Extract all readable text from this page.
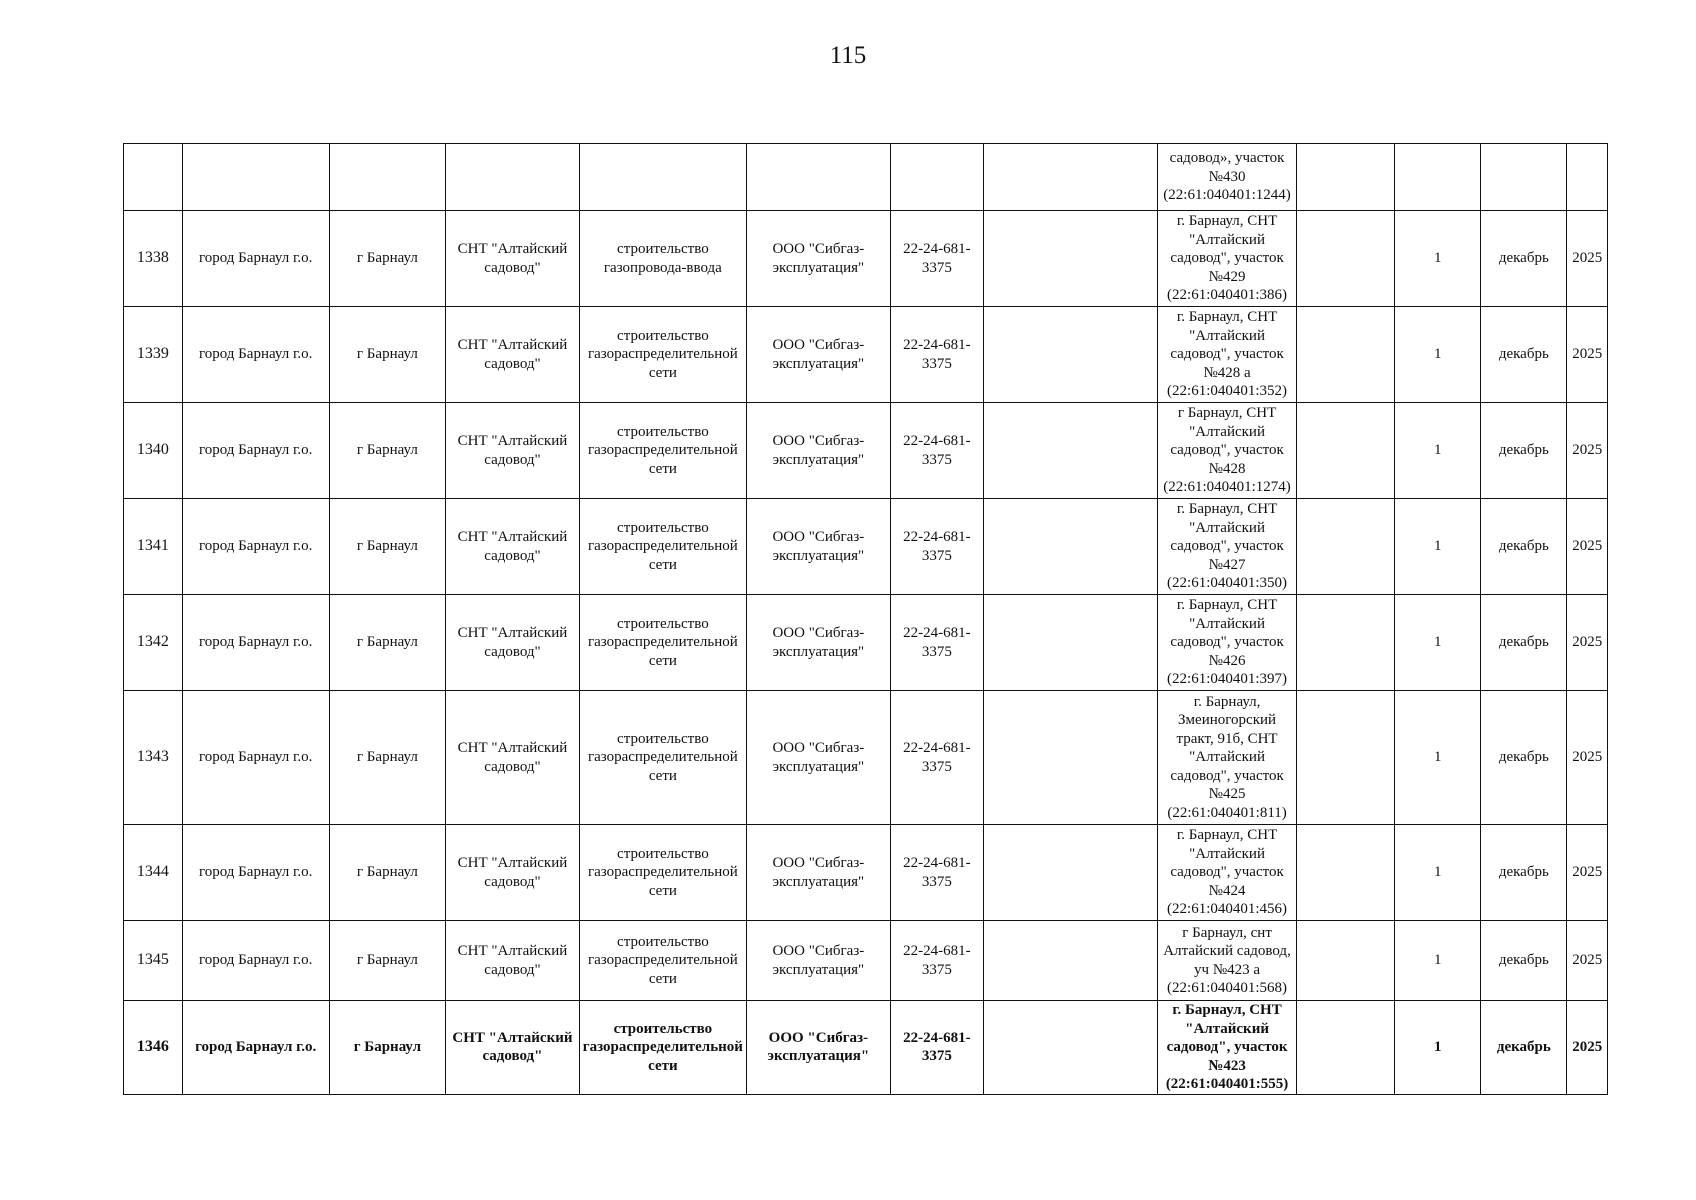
115
								садовод», участок №430 (22:61:040401:1244)				
1338	город Барнаул г.о.	г Барнаул	СНТ "Алтайский садовод"	строительство газопровода-ввода	ООО "Сибгаз-эксплуатация"	22-24-681-3375		г. Барнаул, СНТ "Алтайский садовод", участок №429 (22:61:040401:386)		1	декабрь	2025
1339	город Барнаул г.о.	г Барнаул	СНТ "Алтайский садовод"	строительство газораспределительной сети	ООО "Сибгаз-эксплуатация"	22-24-681-3375		г. Барнаул, СНТ "Алтайский садовод", участок №428 а (22:61:040401:352)		1	декабрь	2025
1340	город Барнаул г.о.	г Барнаул	СНТ "Алтайский садовод"	строительство газораспределительной сети	ООО "Сибгаз-эксплуатация"	22-24-681-3375		г Барнаул, СНТ "Алтайский садовод", участок №428 (22:61:040401:1274)		1	декабрь	2025
1341	город Барнаул г.о.	г Барнаул	СНТ "Алтайский садовод"	строительство газораспределительной сети	ООО "Сибгаз-эксплуатация"	22-24-681-3375		г. Барнаул, СНТ "Алтайский садовод", участок №427 (22:61:040401:350)		1	декабрь	2025
1342	город Барнаул г.о.	г Барнаул	СНТ "Алтайский садовод"	строительство газораспределительной сети	ООО "Сибгаз-эксплуатация"	22-24-681-3375		г. Барнаул, СНТ "Алтайский садовод", участок №426 (22:61:040401:397)		1	декабрь	2025
1343	город Барнаул г.о.	г Барнаул	СНТ "Алтайский садовод"	строительство газораспределительной сети	ООО "Сибгаз-эксплуатация"	22-24-681-3375		г. Барнаул, Змеиногорский тракт, 91б, СНТ "Алтайский садовод", участок №425 (22:61:040401:811)		1	декабрь	2025
1344	город Барнаул г.о.	г Барнаул	СНТ "Алтайский садовод"	строительство газораспределительной сети	ООО "Сибгаз-эксплуатация"	22-24-681-3375		г. Барнаул, СНТ "Алтайский садовод", участок №424 (22:61:040401:456)		1	декабрь	2025
1345	город Барнаул г.о.	г Барнаул	СНТ "Алтайский садовод"	строительство газораспределительной сети	ООО "Сибгаз-эксплуатация"	22-24-681-3375		г Барнаул, снт Алтайский садовод, уч №423 а (22:61:040401:568)		1	декабрь	2025
1346	город Барнаул г.о.	г Барнаул	СНТ "Алтайский садовод"	строительство газораспределительной сети	ООО "Сибгаз-эксплуатация"	22-24-681-3375		г. Барнаул, СНТ "Алтайский садовод", участок №423 (22:61:040401:555)		1	декабрь	2025
